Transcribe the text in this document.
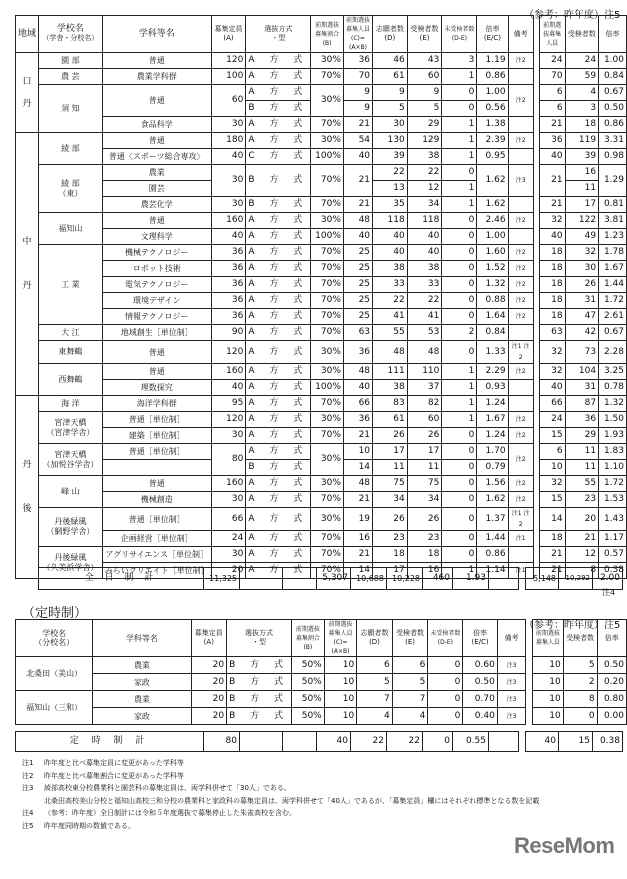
（参考：昨年度）注5
地域	学校名
（学舎・分校名）	学科等名	募集定員
(A)

選抜方式
・型

前期選抜募集割合
(B)

前期選抜募集人員
(C)=(A×B)

志願者数
(D)

受検者数
(E)

未受検者数
(D-E)

倍率
(E/C)
	備考		前期選抜募集人員	受検者数	倍率

口
丹	園 部	普通	120	A 方 式	30%	36	46	43	3	1.19	注2		24	24	1.00

	農 芸	農業学科群	100	A 方 式	70%	70	61	60	1	0.86			70	59	0.84

	須 知	普通	60	A 方 式	30%	9	9	9	0	1.00	注2		6	4	0.67
				B 方 式		9	5	5	0	0.56			6	3	0.50
		食品科学	30	A 方 式	70%	21	30	29	1	1.38			21	18	0.86

中
丹	綾 部	普通	180	A 方 式	30%	54	130	129	1	2.39	注2		36	119	3.31
		普通〈スポーツ総合専攻〉	40	C 方 式	100%	40	39	38	1	0.95			40	39	0.98

	綾 部
（東）	農業	30	B 方 式	70%	21	22	22	0	1.62	注3		21	16	1.29
		園芸					13	12	1					11	
		農芸化学	30	B 方 式	70%	21	35	34	1	1.62			21	17	0.81

	福知山	普通	160	A 方 式	30%	48	118	118	0	2.46	注2		32	122	3.81
		文理科学	40	A 方 式	100%	40	40	40	0	1.00			40	49	1.23

	工 業	機械テクノロジー	36	A 方 式	70%	25	40	40	0	1.60	注2		18	32	1.78
		ロボット技術	36	A 方 式	70%	25	38	38	0	1.52	注2		18	30	1.67
		電気テクノロジー	36	A 方 式	70%	25	33	33	0	1.32	注2		18	26	1.44
		環境デザイン	36	A 方 式	70%	25	22	22	0	0.88	注2		18	31	1.72
		情報テクノロジー	36	A 方 式	70%	25	41	41	0	1.64	注2		18	47	2.61

	大 江	地域創生［単位制］	90	A 方 式	70%	63	55	53	2	0.84			63	42	0.67

	東舞鶴	普通	120	A 方 式	30%	36	48	48	0	1.33	注1 注2		32	73	2.28

	西舞鶴	普通	160	A 方 式	30%	48	111	110	1	2.29	注2		32	104	3.25
		理数探究	40	A 方 式	100%	40	38	37	1	0.93			40	31	0.78

丹
後	海 洋	海洋学科群	95	A 方 式	70%	66	83	82	1	1.24			66	87	1.32

	宮津天橋
（宮津学舎）	普通［単位制］	120	A 方 式	30%	36	61	60	1	1.67	注2		24	36	1.50
		建築［単位制］	30	A 方 式	70%	21	26	26	0	1.24	注2		15	29	1.93

	宮津天橋
（加悦谷学舎）	普通［単位制］	80	A 方 式	30%	10	17	17	0	1.70	注2		6	11	1.83
				B 方 式		14	11	11	0	0.79			10	11	1.10

	峰 山	普通	160	A 方 式	30%	48	75	75	0	1.56	注2		32	55	1.72
		機械創造	30	A 方 式	70%	21	34	34	0	1.62	注2		15	23	1.53

	丹後緑風
（網野学舎）	普通［単位制］	66	A 方 式	30%	19	26	26	0	1.37	注1 注2		14	20	1.43
		企画経営［単位制］	24	A 方 式	70%	16	23	23	0	1.44	注1		18	21	1.17

	丹後緑風
（久美浜学舎）	アグリサイエンス［単位制］	30	A 方 式	70%	21	18	18	0	0.86			21	12	0.57
		みらいクリエイト［単位制］	20	A 方 式	70%	14	17	16	1	1.14	注1		21	8	0.38
全 日 制 計	11,325			5,307	10,688	10,228	460	1.93			5,148	10,292	2.00
注4
（定時制）
（参考：昨年度）注5
学校名
（分校名）	学科等名	
募集定員
(A)

選抜方式
・型

前期選抜募集割合
(B)

前期選抜募集人員
(C)=(A×B)

志願者数
(D)

受検者数
(E)

未受検者数
(D-E)

倍率
(E/C)
	備考		前期選抜募集人員	受検者数	倍率
北桑田（美山）	農業	20	B 方 式	50%	10	6	6	0	0.60	注3		10	5	0.50
	家政	20	B 方 式	50%	10	5	5	0	0.50	注3		10	2	0.20
福知山（三和）	農業	20	B 方 式	50%	10	7	7	0	0.70	注3		10	8	0.80
	家政	20	B 方 式	50%	10	4	4	0	0.40	注3		10	0	0.00
定 時 制 計	80			40	22	22	0	0.55			40	15	0.38
注1 昨年度と比べ募集定員に変更があった学科等
注2 昨年度と比べ募集割合に変更があった学科等
注3 綾部高校東分校農業科と園芸科の募集定員は、両学科併せて「30人」である。
北桑田高校美山分校と福知山高校三和分校の農業科と家政科の募集定員は、両学科併せて「40人」であるが、「募集定員」欄にはそれぞれ標準となる数を記載
注4 （参考：昨年度）全日制計には令和５年度選抜で募集停止した朱雀高校を含む。
注5 昨年度同時期の数値である。
ReseMom
